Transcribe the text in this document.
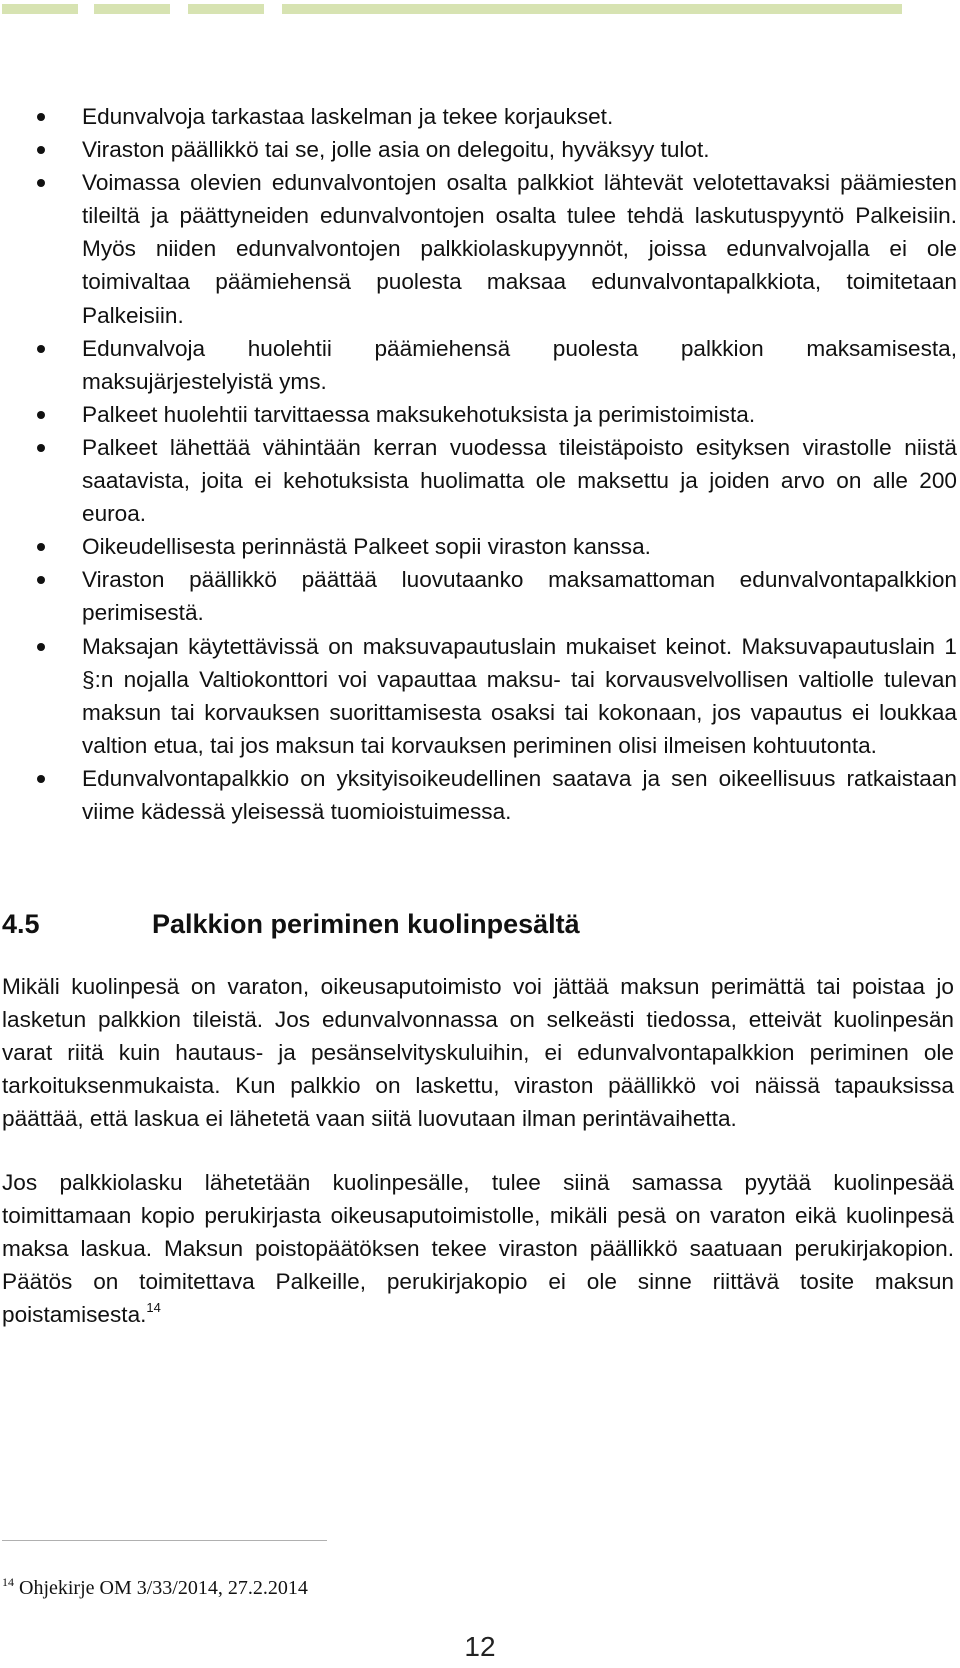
Edunvalvoja tarkastaa laskelman ja tekee korjaukset.
Viraston päällikkö tai se, jolle asia on delegoitu, hyväksyy tulot.
Voimassa olevien edunvalvontojen osalta palkkiot lähtevät velotettavaksi päämiesten tileiltä ja päättyneiden edunvalvontojen osalta tulee tehdä laskutuspyyntö Palkeisiin. Myös niiden edunvalvontojen palkkiolaskupyynnöt, joissa edunvalvojalla ei ole toimivaltaa päämiehensä puolesta maksaa edunvalvontapalkkiota, toimitetaan Palkeisiin.
Edunvalvoja huolehtii päämiehensä puolesta palkkion maksamisesta, maksujärjestelyistä yms.
Palkeet huolehtii tarvittaessa maksukehotuksista ja perimistoimista.
Palkeet lähettää vähintään kerran vuodessa tileistäpoisto esityksen virastolle niistä saatavista, joita ei kehotuksista huolimatta ole maksettu ja joiden arvo on alle 200 euroa.
Oikeudellisesta perinnästä Palkeet sopii viraston kanssa.
Viraston päällikkö päättää luovutaanko maksamattoman edunvalvontapalkkion perimisestä.
Maksajan käytettävissä on maksuvapautuslain mukaiset keinot. Maksuvapautuslain 1 §:n nojalla Valtiokonttori voi vapauttaa maksu- tai korvausvelvollisen valtiolle tulevan maksun tai korvauksen suorittamisesta osaksi tai kokonaan, jos vapautus ei loukkaa valtion etua, tai jos maksun tai korvauksen periminen olisi ilmeisen kohtuutonta.
Edunvalvontapalkkio on yksityisoikeudellinen saatava ja sen oikeellisuus ratkaistaan viime kädessä yleisessä tuomioistuimessa.
4.5	Palkkion periminen kuolinpesältä

Mikäli kuolinpesä on varaton, oikeusaputoimisto voi jättää maksun perimättä tai poistaa jo lasketun palkkion tileistä. Jos edunvalvonnassa on selkeästi tiedossa, etteivät kuolinpesän varat riitä kuin hautaus- ja pesänselvityskuluihin, ei edunvalvontapalkkion periminen ole tarkoituksenmukaista. Kun palkkio on laskettu, viraston päällikkö voi näissä tapauksissa päättää, että laskua ei lähetetä vaan siitä luovutaan ilman perintävaihetta.

Jos palkkiolasku lähetetään kuolinpesälle, tulee siinä samassa pyytää kuolinpesää toimittamaan kopio perukirjasta oikeusaputoimistolle, mikäli pesä on varaton eikä kuolinpesä maksa laskua. Maksun poistopäätöksen tekee viraston päällikkö saatuaan perukirjakopion. Päätös on toimitettava Palkeille, perukirjakopio ei ole sinne riittävä tosite maksun poistamisesta.$^{14}$

$^{14}$ Ohjekirje OM 3/33/2014, 27.2.2014
12
